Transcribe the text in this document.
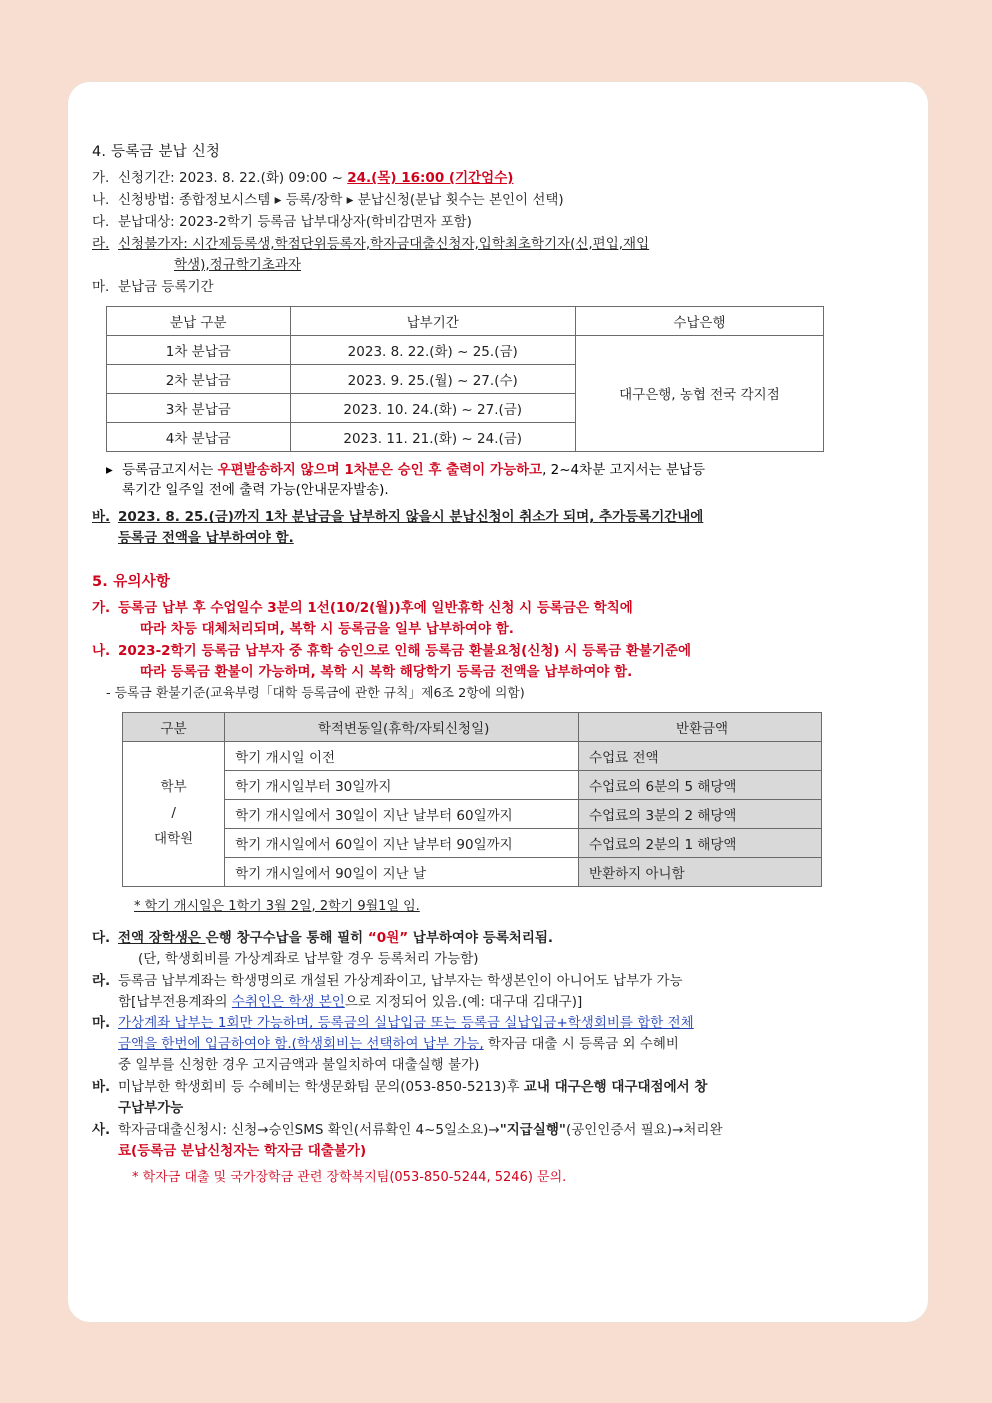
4. 등록금 분납 신청
가. 신청기간: 2023. 8. 22.(화) 09:00 ~ 24.(목) 16:00 (기간엄수)
나. 신청방법: 종합정보시스템 ▸ 등록/장학 ▸ 분납신청(분납 횟수는 본인이 선택)
다. 분납대상: 2023-2학기 등록금 납부대상자(학비감면자 포함)
라. 신청불가자: 시간제등록생,학점단위등록자,학자금대출신청자,입학최초학기자(신,편입,재입
학생),정규학기초과자
마. 분납금 등록기간
분납 구분	납부기간	수납은행
1차 분납금	2023. 8. 22.(화) ~ 25.(금)	대구은행, 농협 전국 각지점
2차 분납금	2023. 9. 25.(월) ~ 27.(수)	
3차 분납금	2023. 10. 24.(화) ~ 27.(금)	
4차 분납금	2023. 11. 21.(화) ~ 24.(금)	
▸ 등록금고지서는 우편발송하지 않으며 1차분은 승인 후 출력이 가능하고, 2~4차분 고지서는 분납등
록기간 일주일 전에 출력 가능(안내문자발송).
바. 2023. 8. 25.(금)까지 1차 분납금을 납부하지 않을시 분납신청이 취소가 되며, 추가등록기간내에
등록금 전액을 납부하여야 함.
5. 유의사항
가. 등록금 납부 후 수업일수 3분의 1선(10/2(월))후에 일반휴학 신청 시 등록금은 학칙에
따라 차등 대체처리되며, 복학 시 등록금을 일부 납부하여야 함.
나. 2023-2학기 등록금 납부자 중 휴학 승인으로 인해 등록금 환불요청(신청) 시 등록금 환불기준에
따라 등록금 환불이 가능하며, 복학 시 복학 해당학기 등록금 전액을 납부하여야 함.
- 등록금 환불기준(교육부령「대학 등록금에 관한 규칙」제6조 2항에 의함)
구분	학적변동일(휴학/자퇴신청일)	반환금액
학부
/
대학원	학기 개시일 이전	수업료 전액
	학기 개시일부터 30일까지	수업료의 6분의 5 해당액
	학기 개시일에서 30일이 지난 날부터 60일까지	수업료의 3분의 2 해당액
	학기 개시일에서 60일이 지난 날부터 90일까지	수업료의 2분의 1 해당액
	학기 개시일에서 90일이 지난 날	반환하지 아니함
* 학기 개시일은 1학기 3월 2일, 2학기 9월1일 임.
다. 전액 장학생은 은행 창구수납을 통해 필히 “0원” 납부하여야 등록처리됨.
(단, 학생회비를 가상계좌로 납부할 경우 등록처리 가능함)
라. 등록금 납부계좌는 학생명의로 개설된 가상계좌이고, 납부자는 학생본인이 아니어도 납부가 가능
함[납부전용계좌의 수취인은 학생 본인으로 지정되어 있음.(예: 대구대 김대구)]
마. 가상계좌 납부는 1회만 가능하며, 등록금의 실납입금 또는 등록금 실납입금+학생회비를 합한 전체
금액을 한번에 입금하여야 함.(학생회비는 선택하여 납부 가능, 학자금 대출 시 등록금 외 수혜비
중 일부를 신청한 경우 고지금액과 불일치하여 대출실행 불가)
바. 미납부한 학생회비 등 수혜비는 학생문화팀 문의(053-850-5213)후 교내 대구은행 대구대점에서 창
구납부가능
사. 학자금대출신청시: 신청→승인SMS 확인(서류확인 4~5일소요)→"지급실행"(공인인증서 필요)→처리완
료(등록금 분납신청자는 학자금 대출불가)
* 학자금 대출 및 국가장학금 관련 장학복지팀(053-850-5244, 5246) 문의.
